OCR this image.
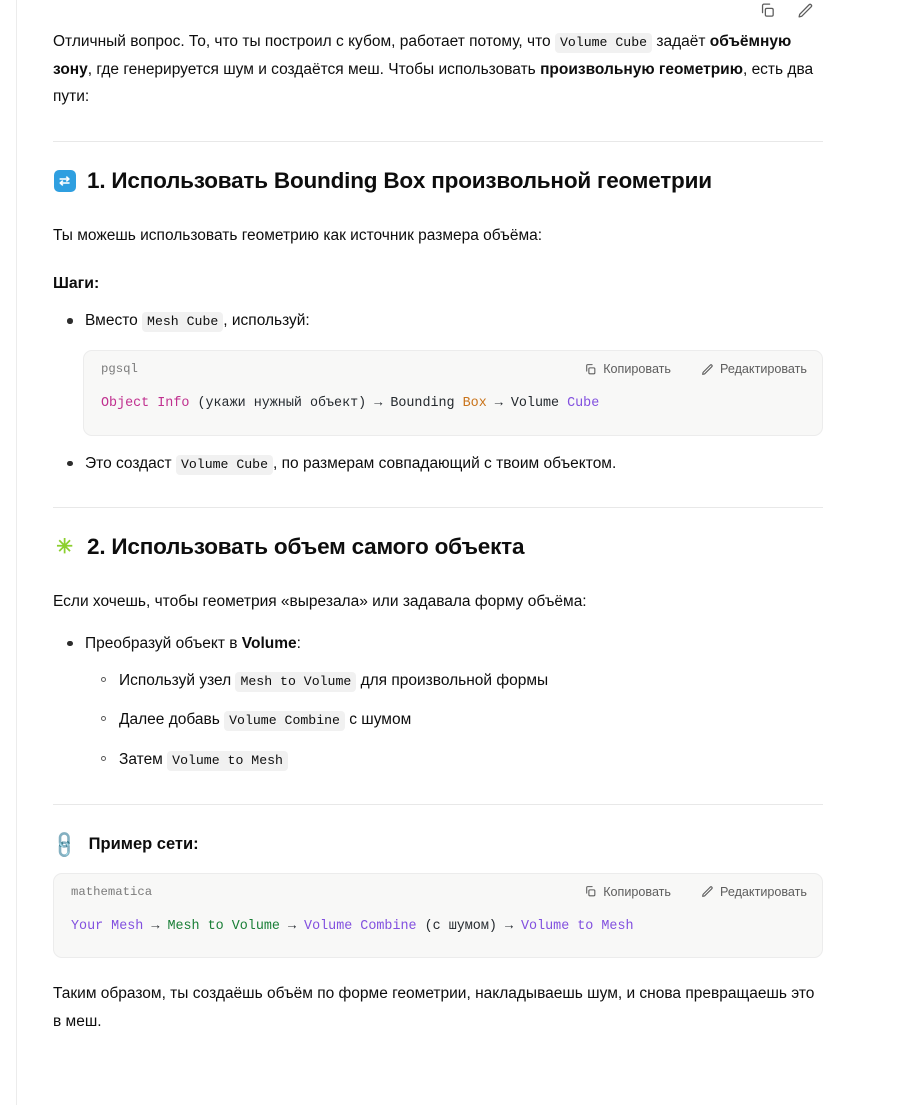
Отличный вопрос. То, что ты построил с кубом, работает потому, что Volume Cube задаёт объёмную зону, где генерируется шум и создаётся меш. Чтобы использовать произвольную геометрию, есть два пути:

⇄ 1. Использовать Bounding Box произвольной геометрии

Ты можешь использовать геометрию как источник размера объёма:

Шаги:
Вместо Mesh Cube , используй:
pgsql	Копировать	Редактировать
Object Info (укажи нужный объект) → Bounding Box → Volume Cube
Это создаст Volume Cube , по размерам совпадающий с твоим объектом.
✳ 2. Использовать объем самого объекта

Если хочешь, чтобы геометрия «вырезала» или задавала форму объёма:

Преобразуй объект в Volume:
Используй узел Mesh to Volume для произвольной формы
Далее добавь Volume Combine с шумом
Затем Volume to Mesh
🔗 Пример сети:
mathematica	Копировать	Редактировать
Your Mesh → Mesh to Volume → Volume Combine (с шумом) → Volume to Mesh

Таким образом, ты создаёшь объём по форме геометрии, накладываешь шум, и снова превращаешь это в меш.
